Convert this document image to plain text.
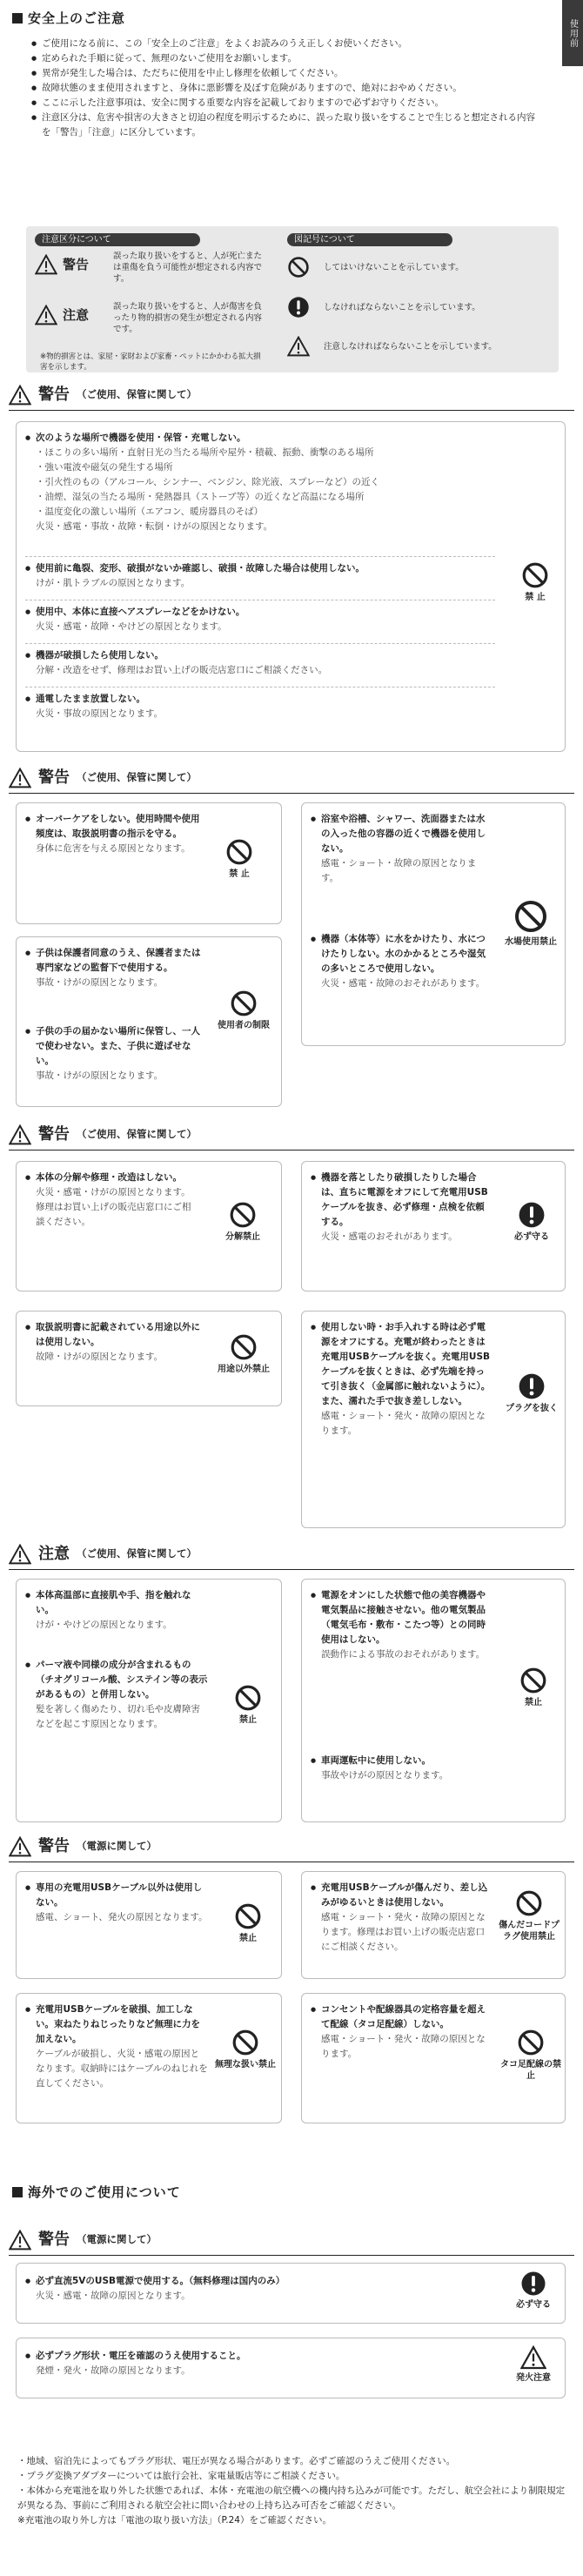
使用前
安全上のご注意
● ご使用になる前に、この「安全上のご注意」をよくお読みのうえ正しくお使いください。
● 定められた手順に従って、無理のないご使用をお願いします。
● 異常が発生した場合は、ただちに使用を中止し修理を依頼してください。
● 故障状態のまま使用されますと、身体に悪影響を及ぼす危険がありますので、絶対におやめください。
● ここに示した注意事項は、安全に関する重要な内容を記載しておりますので必ずお守りください。
● 注意区分は、危害や損害の大きさと切迫の程度を明示するために、誤った取り扱いをすることで生じると想定される内容を「警告」「注意」に区分しています。
注意区分について	図記号について
警告
誤った取り扱いをすると、人が死亡または重傷を負う可能性が想定される内容です。
注意
誤った取り扱いをすると、人が傷害を負ったり物的損害の発生が想定される内容です。
※物的損害とは、家屋・家財および家畜・ペットにかかわる拡大損害を示します。
してはいけないことを示しています。
しなければならないことを示しています。
注意しなければならないことを示しています。
警告 （ご使用、保管に関して）
● 次のような場所で機器を使用・保管・充電しない。
・ほこりの多い場所・直射日光の当たる場所や屋外・積載、振動、衝撃のある場所
・強い電波や磁気の発生する場所
・引火性のもの（アルコール、シンナー、ベンジン、除光液、スプレーなど）の近く
・油煙、湿気の当たる場所・発熱器具（ストーブ等）の近くなど高温になる場所
・温度変化の激しい場所（エアコン、暖房器具のそば）
火災・感電・事故・故障・転倒・けがの原因となります。
● 使用前に亀裂、変形、破損がないか確認し、破損・故障した場合は使用しない。
けが・肌トラブルの原因となります。
● 使用中、本体に直接ヘアスプレーなどをかけない。
火災・感電・故障・やけどの原因となります。
● 機器が破損したら使用しない。
分解・改造をせず、修理はお買い上げの販売店窓口にご相談ください。
● 通電したまま放置しない。
火災・事故の原因となります。
禁 止
警告 （ご使用、保管に関して）
● オーバーケアをしない。使用時間や使用頻度は、取扱説明書の指示を守る。
身体に危害を与える原因となります。
禁 止
● 浴室や浴槽、シャワー、洗面器または水の入った他の容器の近くで機器を使用しない。
感電・ショート・故障の原因となります。
● 機器（本体等）に水をかけたり、水につけたりしない。水のかかるところや湿気の多いところで使用しない。
火災・感電・故障のおそれがあります。
水場使用禁止
● 子供は保護者同意のうえ、保護者または専門家などの監督下で使用する。
事故・けがの原因となります。
● 子供の手の届かない場所に保管し、一人で使わせない。また、子供に遊ばせない。
事故・けがの原因となります。
使用者の制限
警告 （ご使用、保管に関して）
● 本体の分解や修理・改造はしない。
火災・感電・けがの原因となります。修理はお買い上げの販売店窓口にご相談ください。
分解禁止
● 機器を落としたり破損したりした場合は、直ちに電源をオフにして充電用USBケーブルを抜き、必ず修理・点検を依頼する。
火災・感電のおそれがあります。	必ず守る
● 取扱説明書に記載されている用途以外には使用しない。
故障・けがの原因となります。
用途以外禁止
● 使用しない時・お手入れする時は必ず電源をオフにする。充電が終わったときは充電用USBケーブルを抜く。充電用USBケーブルを抜くときは、必ず先端を持って引き抜く（金属部に触れないように）。また、濡れた手で抜き差ししない。
感電・ショート・発火・故障の原因となります。
プラグを抜く
注意 （ご使用、保管に関して）
● 本体高温部に直接肌や手、指を触れない。
けが・やけどの原因となります。
● パーマ液や同様の成分が含まれるもの（チオグリコール酸、システイン等の表示があるもの）と併用しない。
髪を著しく傷めたり、切れ毛や皮膚障害などを起こす原因となります。	禁止
● 電源をオンにした状態で他の美容機器や電気製品に接触させない。他の電気製品（電気毛布・敷布・こたつ等）との同時使用はしない。
誤動作による事故のおそれがあります。
● 車両運転中に使用しない。
事故やけがの原因となります。
禁止
警告 （電源に関して）
● 専用の充電用USBケーブル以外は使用しない。
感電、ショート、発火の原因となります。
禁止
● 充電用USBケーブルが傷んだり、差し込みがゆるいときは使用しない。
感電・ショート・発火・故障の原因となります。修理はお買い上げの販売店窓口にご相談ください。
傷んだコードプラグ使用禁止
● 充電用USBケーブルを破損、加工しない。束ねたりねじったりなど無理に力を加えない。
ケーブルが破損し、火災・感電の原因となります。収納時にはケーブルのねじれを直してください。
無理な扱い禁止
● コンセントや配線器具の定格容量を超えて配線（タコ足配線）しない。
感電・ショート・発火・故障の原因となります。
タコ足配線の禁止
海外でのご使用について
警告 （電源に関して）
● 必ず直流5VのUSB電源で使用する。（無料修理は国内のみ）
火災・感電・故障の原因となります。
必ず守る
● 必ずプラグ形状・電圧を確認のうえ使用すること。
発煙・発火・故障の原因となります。
発火注意
・地域、宿泊先によってもプラグ形状、電圧が異なる場合があります。必ずご確認のうえご使用ください。
・プラグ変換アダプターについては旅行会社、家電量販店等にご相談ください。
・本体から充電池を取り外した状態であれば、本体・充電池の航空機への機内持ち込みが可能です。ただし、航空会社により制限規定が異なる為、事前にご利用される航空会社に問い合わせの上持ち込み可否をご確認ください。
※充電池の取り外し方は「電池の取り扱い方法」（P.24）をご確認ください。
